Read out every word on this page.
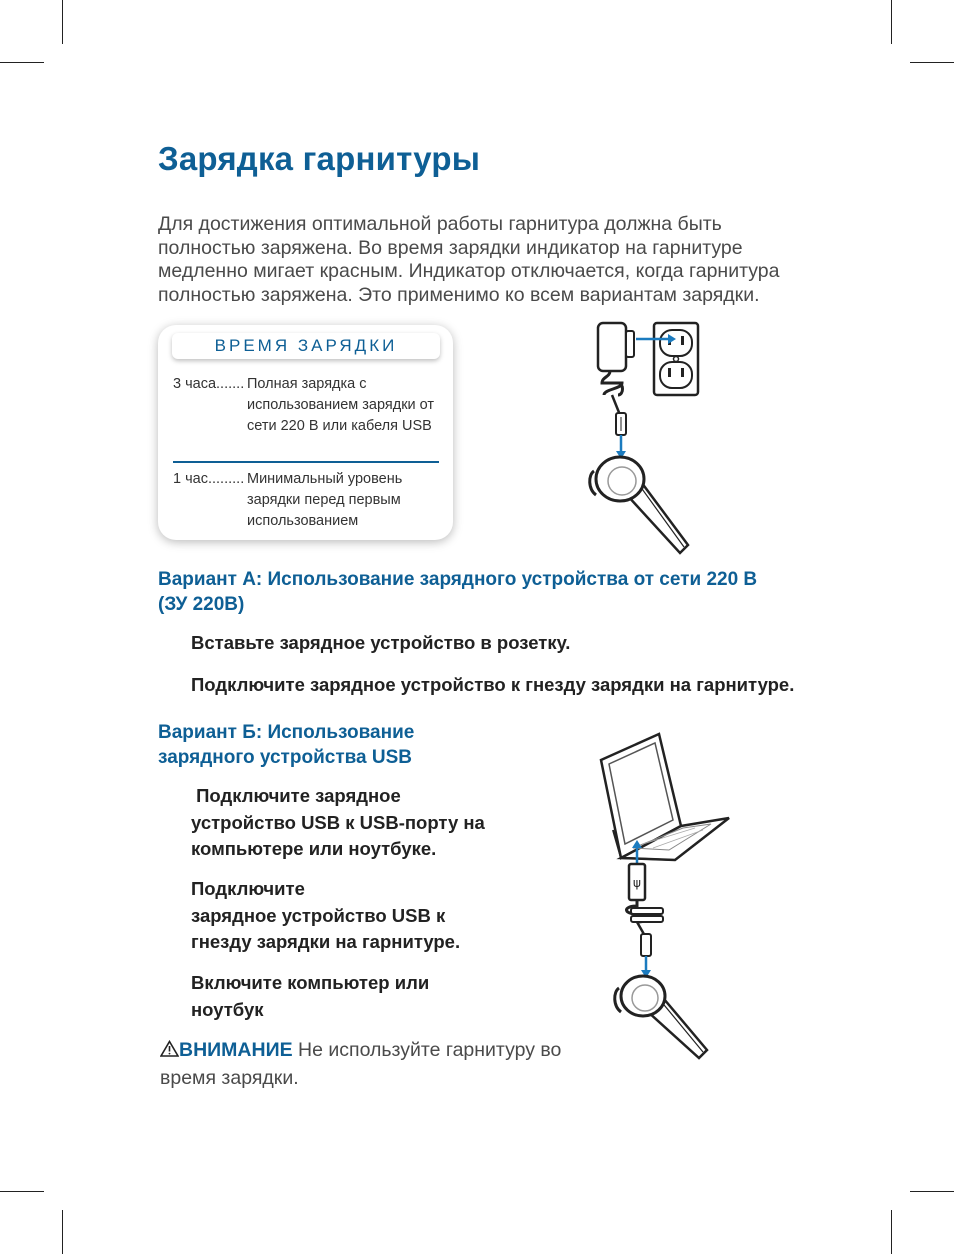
Зарядка гарнитуры
Для достижения оптимальной работы гарнитура должна быть
полностью заряжена. Во время зарядки индикатор на гарнитуре
медленно мигает красным. Индикатор отключается, когда гарнитура
полностью заряжена. Это применимо ко всем вариантам зарядки.
ВРЕМЯ ЗАРЯДКИ
3 часа....... Полная зарядка с использованием зарядки от сети 220 В или кабеля USB
1 час......... Минимальный уровень зарядки перед первым использованием
Вариант А: Использование зарядного устройства от сети 220 В
(ЗУ 220В)
Вставьте зарядное устройство в розетку.
Подключите зарядное устройство к гнезду зарядки на гарнитуре.
Вариант Б: Использование
зарядного устройства USB
Подключите зарядное
устройство USB к USB-порту на
компьютере или ноутбуке.
Подключите
зарядное устройство USB к
гнезду зарядки на гарнитуре.
Включите компьютер или
ноутбук
ψ

ВНИМАНИЕ Не используйте гарнитуру во время зарядки.
